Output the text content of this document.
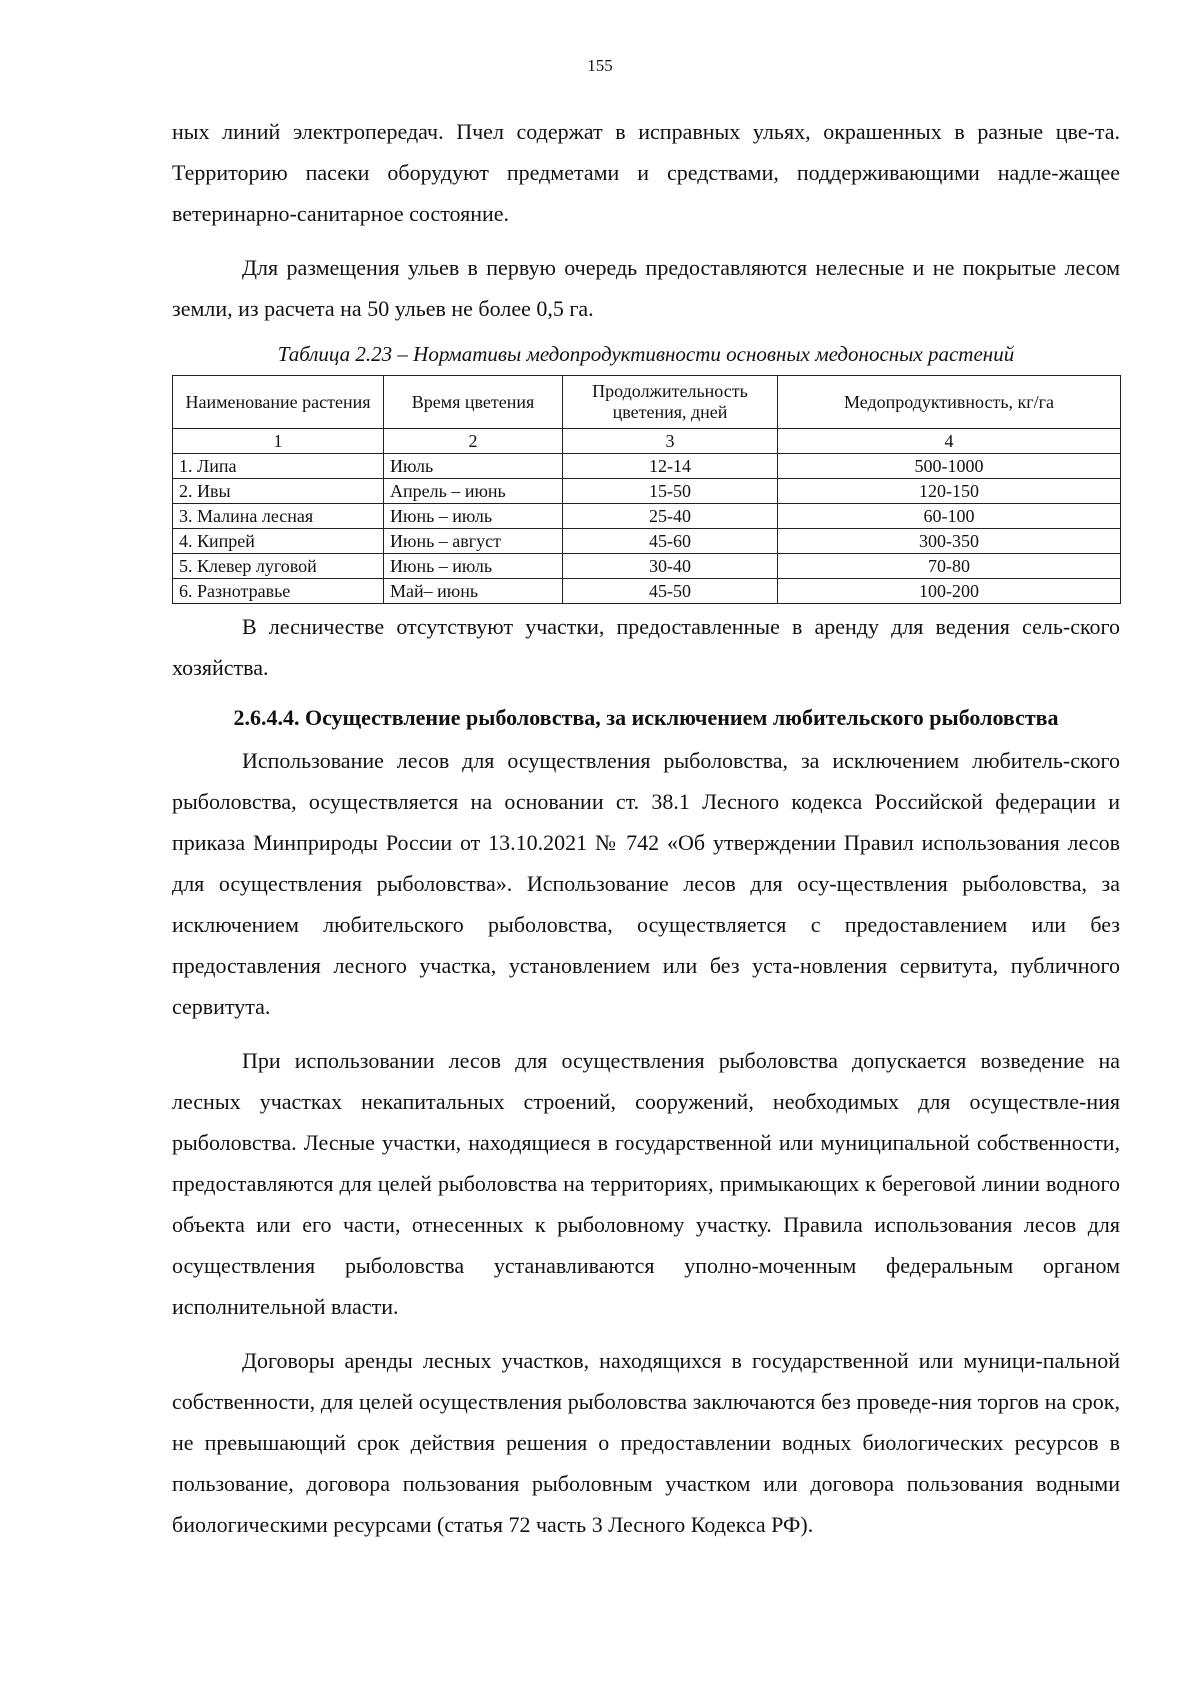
155

ных линий электропередач. Пчел содержат в исправных ульях, окрашенных в разные цве-та. Территорию пасеки оборудуют предметами и средствами, поддерживающими надле-жащее ветеринарно-санитарное состояние.

Для размещения ульев в первую очередь предоставляются нелесные и не покрытые лесом земли, из расчета на 50 ульев не более 0,5 га.

Таблица 2.23 – Нормативы медопродуктивности основных медоносных растений
Наименование растения	Время цветения	Продолжительность цветения, дней	Медопродуктивность, кг/га
1	2	3	4
1. Липа	Июль	12-14	500-1000
2. Ивы	Апрель – июнь	15-50	120-150
3. Малина лесная	Июнь – июль	25-40	60-100
4. Кипрей	Июнь – август	45-60	300-350
5. Клевер луговой	Июнь – июль	30-40	70-80
6. Разнотравье	Май– июнь	45-50	100-200

В лесничестве отсутствуют участки, предоставленные в аренду для ведения сель-ского хозяйства.

2.6.4.4. Осуществление рыболовства, за исключением любительского рыболовства

Использование лесов для осуществления рыболовства, за исключением любитель-ского рыболовства, осуществляется на основании ст. 38.1 Лесного кодекса Российской федерации и приказа Минприроды России от 13.10.2021 № 742 «Об утверждении Правил использования лесов для осуществления рыболовства». Использование лесов для осу-ществления рыболовства, за исключением любительского рыболовства, осуществляется с предоставлением или без предоставления лесного участка, установлением или без уста-новления сервитута, публичного сервитута.

При использовании лесов для осуществления рыболовства допускается возведение на лесных участках некапитальных строений, сооружений, необходимых для осуществле-ния рыболовства. Лесные участки, находящиеся в государственной или муниципальной собственности, предоставляются для целей рыболовства на территориях, примыкающих к береговой линии водного объекта или его части, отнесенных к рыболовному участку. Правила использования лесов для осуществления рыболовства устанавливаются уполно-моченным федеральным органом исполнительной власти.

Договоры аренды лесных участков, находящихся в государственной или муници-пальной собственности, для целей осуществления рыболовства заключаются без проведе-ния торгов на срок, не превышающий срок действия решения о предоставлении водных биологических ресурсов в пользование, договора пользования рыболовным участком или договора пользования водными биологическими ресурсами (статья 72 часть 3 Лесного Кодекса РФ).
